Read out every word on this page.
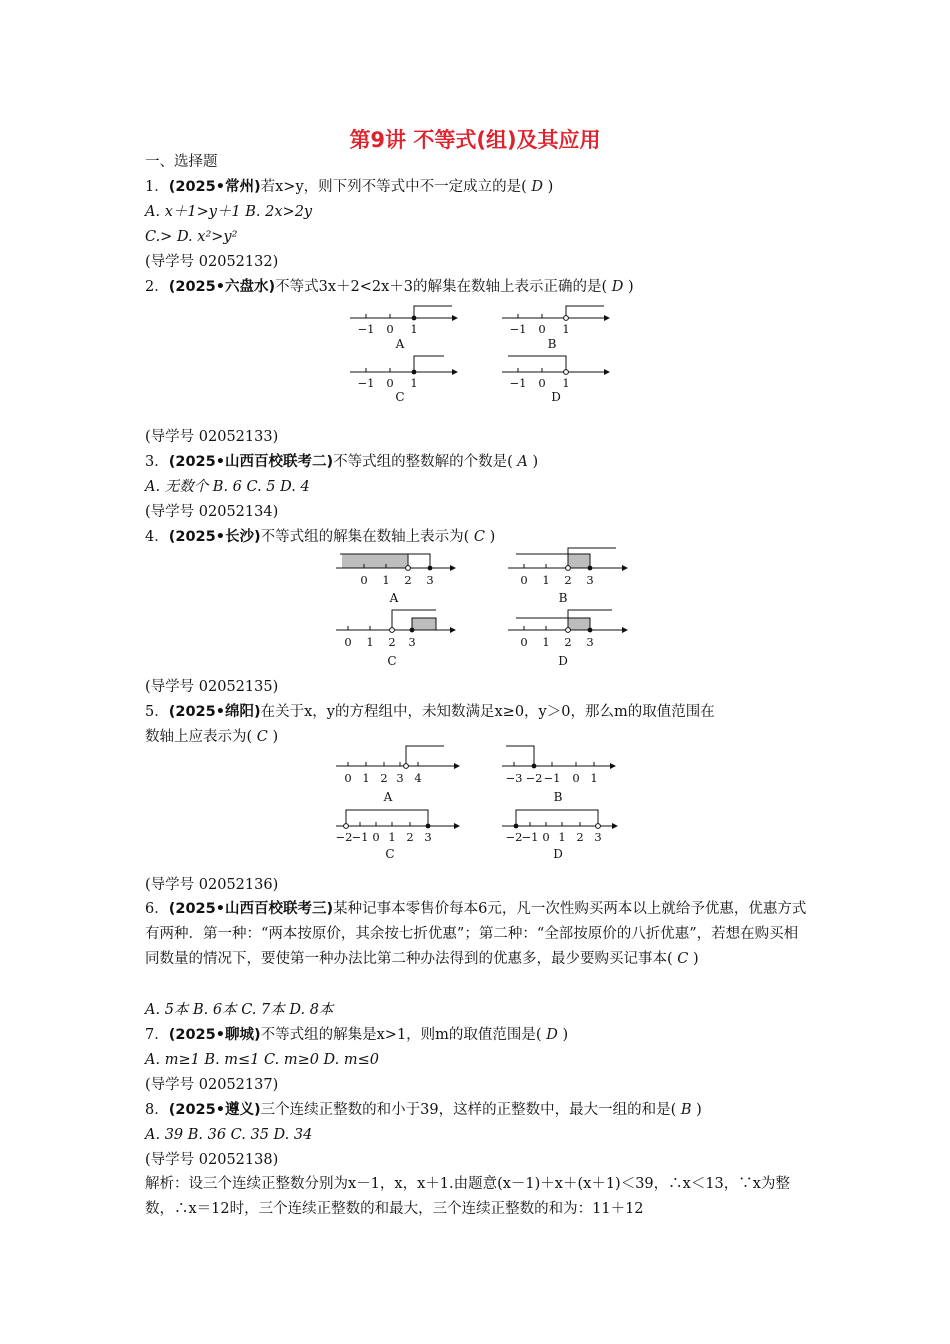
第9讲 不等式(组)及其应用
一、选择题
1．(2025•常州)若x>y，则下列不等式中不一定成立的是( D )
A. x＋1>y＋1 B. 2x>2y
C.> D. x²>y²
(导学号 02052132)
2．(2025•六盘水)不等式3x＋2<2x＋3的解集在数轴上表示正确的是( D )
−1 0 1
A
−1 0 1
B
−1 0 1
C
−1 0 1
D
(导学号 02052133)
3．(2025•山西百校联考二)不等式组的整数解的个数是( A )
A. 无数个 B. 6 C. 5 D. 4
(导学号 02052134)
4．(2025•长沙)不等式组的解集在数轴上表示为( C )
0 1 2 3
A
0 1 2 3
B
0 1 2 3
C
0 1 2 3
D
(导学号 02052135)
5．(2025•绵阳)在关于x，y的方程组中，未知数满足x≥0，y＞0，那么m的取值范围在
数轴上应表示为( C )
0 1 2 3 4
A
−3 −2 −1 0 1
B
−2 −1 0 1 2 3
C
−2 −1 0 1 2 3
D
(导学号 02052136)
6．(2025•山西百校联考三)某种记事本零售价每本6元，凡一次性购买两本以上就给予优惠，优惠方式有两种．第一种：“两本按原价，其余按七折优惠”；第二种：“全部按原价的八折优惠”，若想在购买相同数量的情况下，要使第一种办法比第二种办法得到的优惠多，最少要购买记事本( C )
A. 5本 B. 6本 C. 7本 D. 8本
7．(2025•聊城)不等式组的解集是x>1，则m的取值范围是( D )
A. m≥1 B. m≤1 C. m≥0 D. m≤0
(导学号 02052137)
8．(2025•遵义)三个连续正整数的和小于39，这样的正整数中，最大一组的和是( B )
A. 39 B. 36 C. 35 D. 34
(导学号 02052138)
解析：设三个连续正整数分别为x－1，x，x＋1.由题意(x－1)＋x＋(x＋1)＜39，∴x＜13，∵x为整数，∴x＝12时，三个连续正整数的和最大，三个连续正整数的和为：11＋12
